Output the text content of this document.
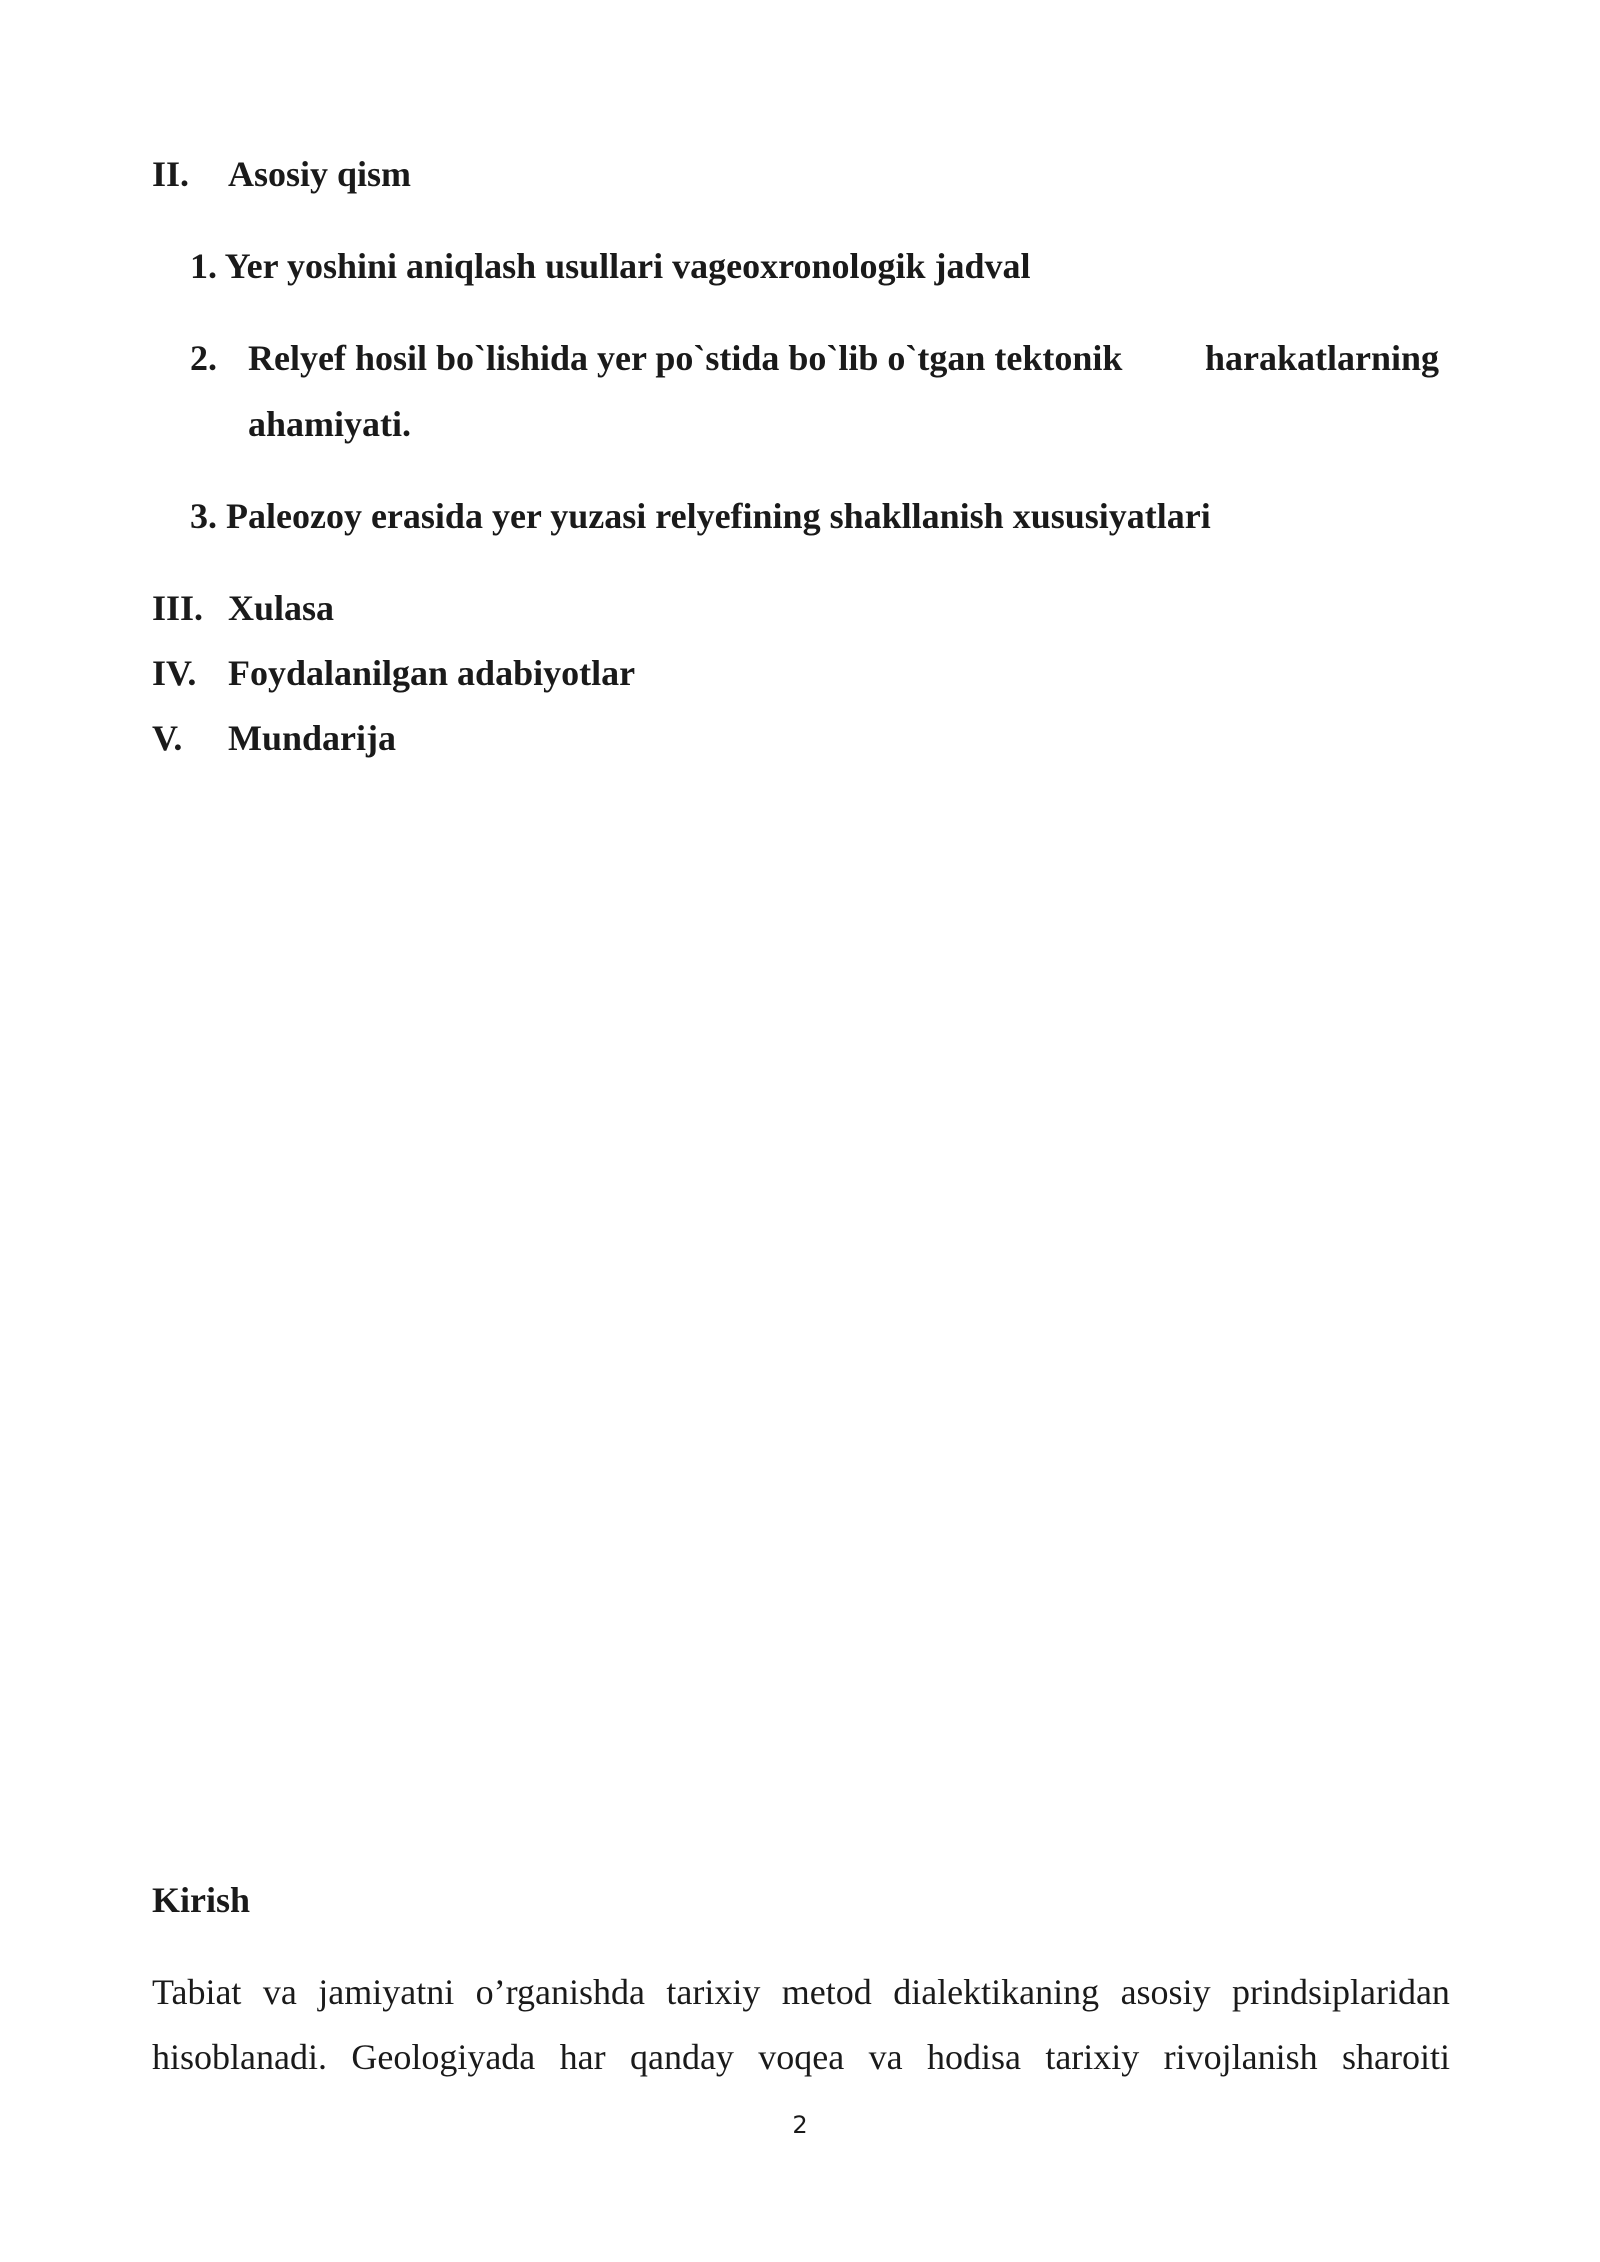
II. Asosiy qism
1. Yer yoshini aniqlash usullari vageoxronologik jadval
2. Relyef hosil bo`lishida yer po`stida bo`lib o`tgan tektonik harakatlarning
ahamiyati.
3. Paleozoy erasida yer yuzasi relyefining shakllanish xususiyatlari
III. Xulasa
IV. Foydalanilgan adabiyotlar
V. Mundarija
Kirish
Tabiat va jamiyatni o’rganishda tarixiy metod dialektikaning asosiy prindsiplaridan
hisoblanadi. Geologiyada har qanday voqea va hodisa tarixiy rivojlanish sharoiti
2
